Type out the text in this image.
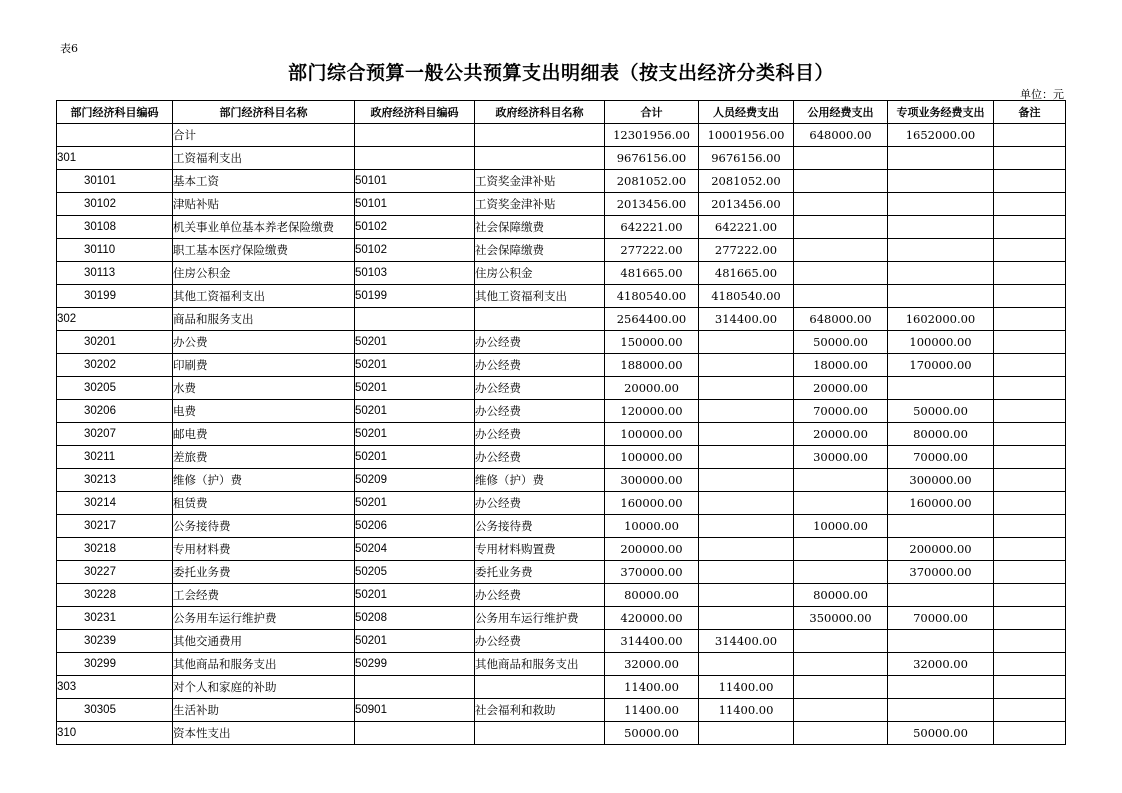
表6
部门综合预算一般公共预算支出明细表（按支出经济分类科目）
单位：元
部门经济科目编码	部门经济科目名称	政府经济科目编码	政府经济科目名称	合计	人员经费支出	公用经费支出	专项业务经费支出	备注
	合计			12301956.00	10001956.00	648000.00	1652000.00	
301	工资福利支出			9676156.00	9676156.00			
30101	基本工资	50101	工资奖金津补贴	2081052.00	2081052.00			
30102	津贴补贴	50101	工资奖金津补贴	2013456.00	2013456.00			
30108	机关事业单位基本养老保险缴费	50102	社会保障缴费	642221.00	642221.00			
30110	职工基本医疗保险缴费	50102	社会保障缴费	277222.00	277222.00			
30113	住房公积金	50103	住房公积金	481665.00	481665.00			
30199	其他工资福利支出	50199	其他工资福利支出	4180540.00	4180540.00			
302	商品和服务支出			2564400.00	314400.00	648000.00	1602000.00	
30201	办公费	50201	办公经费	150000.00		50000.00	100000.00	
30202	印刷费	50201	办公经费	188000.00		18000.00	170000.00	
30205	水费	50201	办公经费	20000.00		20000.00		
30206	电费	50201	办公经费	120000.00		70000.00	50000.00	
30207	邮电费	50201	办公经费	100000.00		20000.00	80000.00	
30211	差旅费	50201	办公经费	100000.00		30000.00	70000.00	
30213	维修（护）费	50209	维修（护）费	300000.00			300000.00	
30214	租赁费	50201	办公经费	160000.00			160000.00	
30217	公务接待费	50206	公务接待费	10000.00		10000.00		
30218	专用材料费	50204	专用材料购置费	200000.00			200000.00	
30227	委托业务费	50205	委托业务费	370000.00			370000.00	
30228	工会经费	50201	办公经费	80000.00		80000.00		
30231	公务用车运行维护费	50208	公务用车运行维护费	420000.00		350000.00	70000.00	
30239	其他交通费用	50201	办公经费	314400.00	314400.00			
30299	其他商品和服务支出	50299	其他商品和服务支出	32000.00			32000.00	
303	对个人和家庭的补助			11400.00	11400.00			
30305	生活补助	50901	社会福利和救助	11400.00	11400.00			
310	资本性支出			50000.00			50000.00	
